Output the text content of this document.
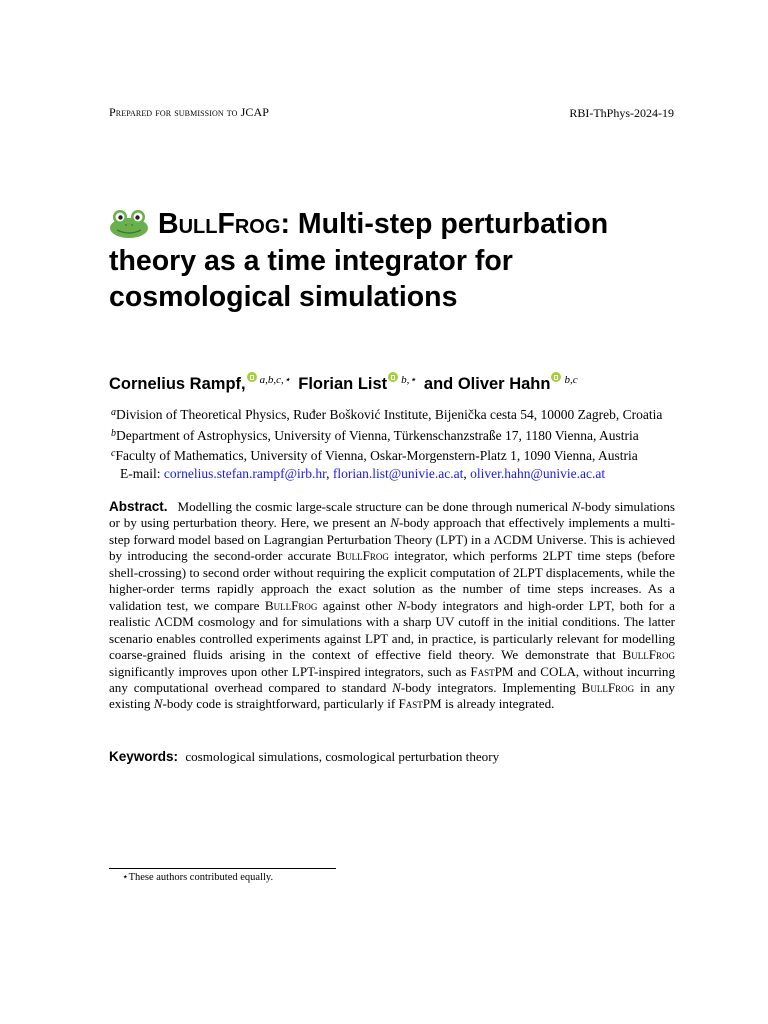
Prepared for submission to JCAP	RBI-ThPhys-2024-19
BullFrog: Multi-step perturbation
theory as a time integrator for
cosmological simulations
Cornelius Rampf, $^{a,b,c,⋆}$ Florian List $^{b,⋆}$ and Oliver Hahn $^{b,c}$
$^a$Division of Theoretical Physics, Ruđer Bošković Institute, Bijenička cesta 54, 10000 Zagreb, Croatia
$^b$Department of Astrophysics, University of Vienna, Türkenschanzstraße 17, 1180 Vienna, Austria
$^c$Faculty of Mathematics, University of Vienna, Oskar-Morgenstern-Platz 1, 1090 Vienna, Austria
E-mail: cornelius.stefan.rampf@irb.hr, florian.list@univie.ac.at, oliver.hahn@univie.ac.at

Abstract. Modelling the cosmic large-scale structure can be done through numerical N-body simulations or by using perturbation theory. Here, we present an N-body approach that effectively implements a multi-step forward model based on Lagrangian Perturbation Theory (LPT) in a ΛCDM Universe. This is achieved by introducing the second-order accurate BullFrog integrator, which performs 2LPT time steps (before shell-crossing) to second order without requiring the explicit computation of 2LPT displacements, while the higher-order terms rapidly approach the exact solution as the number of time steps increases. As a validation test, we compare BullFrog against other N-body integrators and high-order LPT, both for a realistic ΛCDM cosmology and for simulations with a sharp UV cutoff in the initial conditions. The latter scenario enables controlled experiments against LPT and, in practice, is particularly relevant for modelling coarse-grained fluids arising in the context of effective field theory. We demonstrate that BullFrog significantly improves upon other LPT-inspired integrators, such as FastPM and COLA, without incurring any computational overhead compared to standard N-body integrators. Implementing BullFrog in any existing N-body code is straightforward, particularly if FastPM is already integrated.

Keywords: cosmological simulations, cosmological perturbation theory
⋆These authors contributed equally.
